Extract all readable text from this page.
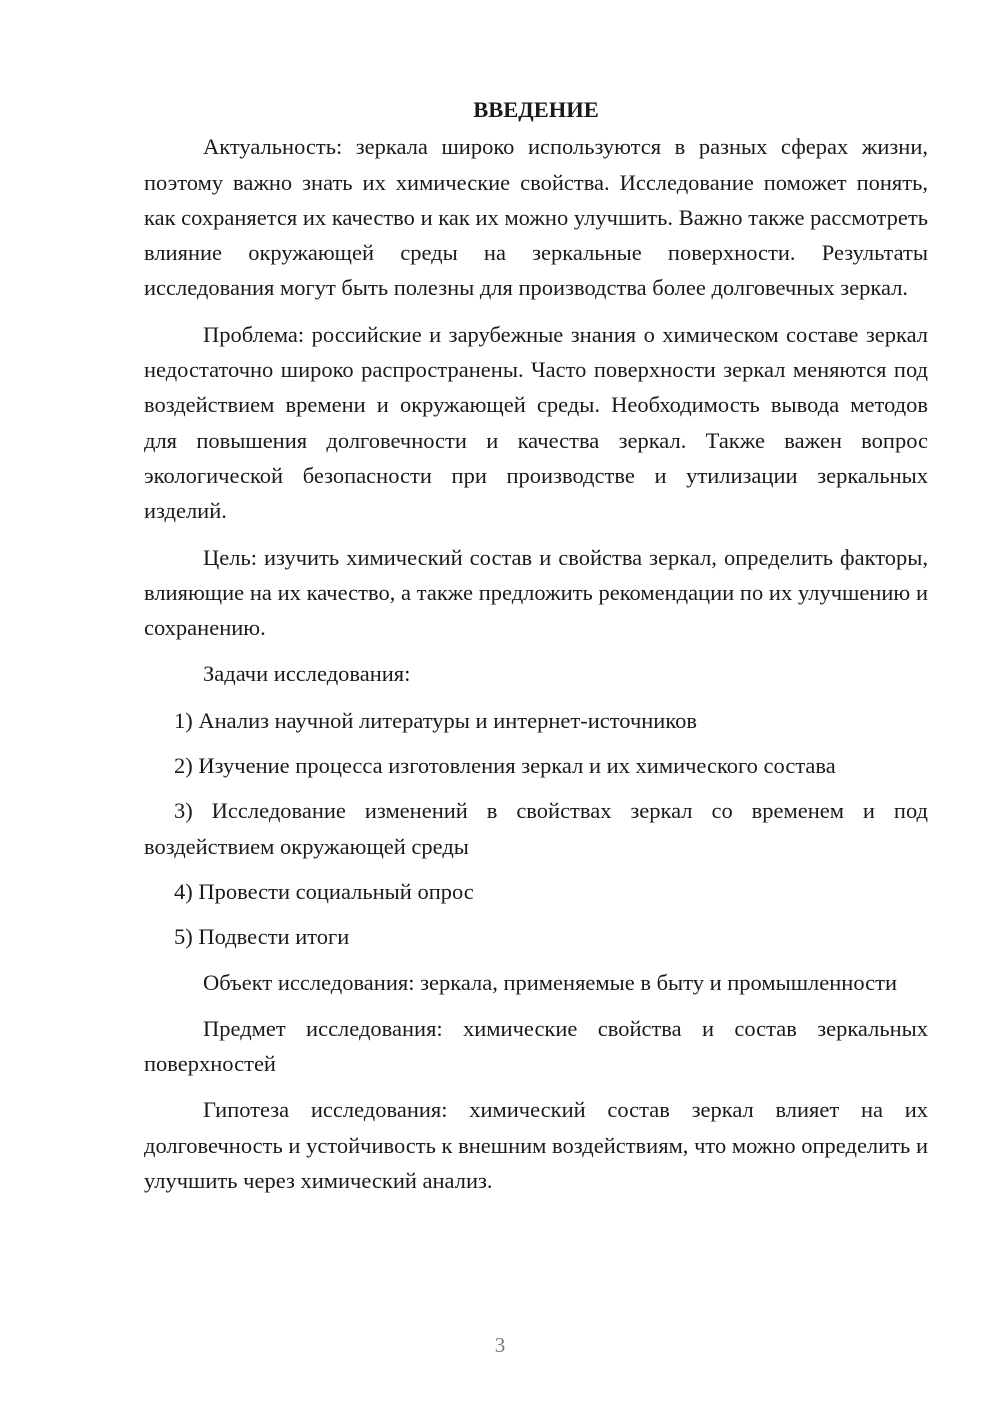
ВВЕДЕНИЕ

Актуальность: зеркала широко используются в разных сферах жизни, поэтому важно знать их химические свойства. Исследование поможет понять, как сохраняется их качество и как их можно улучшить. Важно также рассмотреть влияние окружающей среды на зеркальные поверхности. Результаты исследования могут быть полезны для производства более долговечных зеркал.

Проблема: российские и зарубежные знания о химическом составе зеркал недостаточно широко распространены. Часто поверхности зеркал меняются под воздействием времени и окружающей среды. Необходимость вывода методов для повышения долговечности и качества зеркал. Также важен вопрос экологической безопасности при производстве и утилизации зеркальных изделий.

Цель: изучить химический состав и свойства зеркал, определить факторы, влияющие на их качество, а также предложить рекомендации по их улучшению и сохранению.

Задачи исследования:

1) Анализ научной литературы и интернет-источников

2) Изучение процесса изготовления зеркал и их химического состава

3) Исследование изменений в свойствах зеркал со временем и под воздействием окружающей среды

4) Провести социальный опрос

5) Подвести итоги

Объект исследования: зеркала, применяемые в быту и промышленности

Предмет исследования: химические свойства и состав зеркальных поверхностей

Гипотеза исследования: химический состав зеркал влияет на их долговечность и устойчивость к внешним воздействиям, что можно определить и улучшить через химический анализ.

3
